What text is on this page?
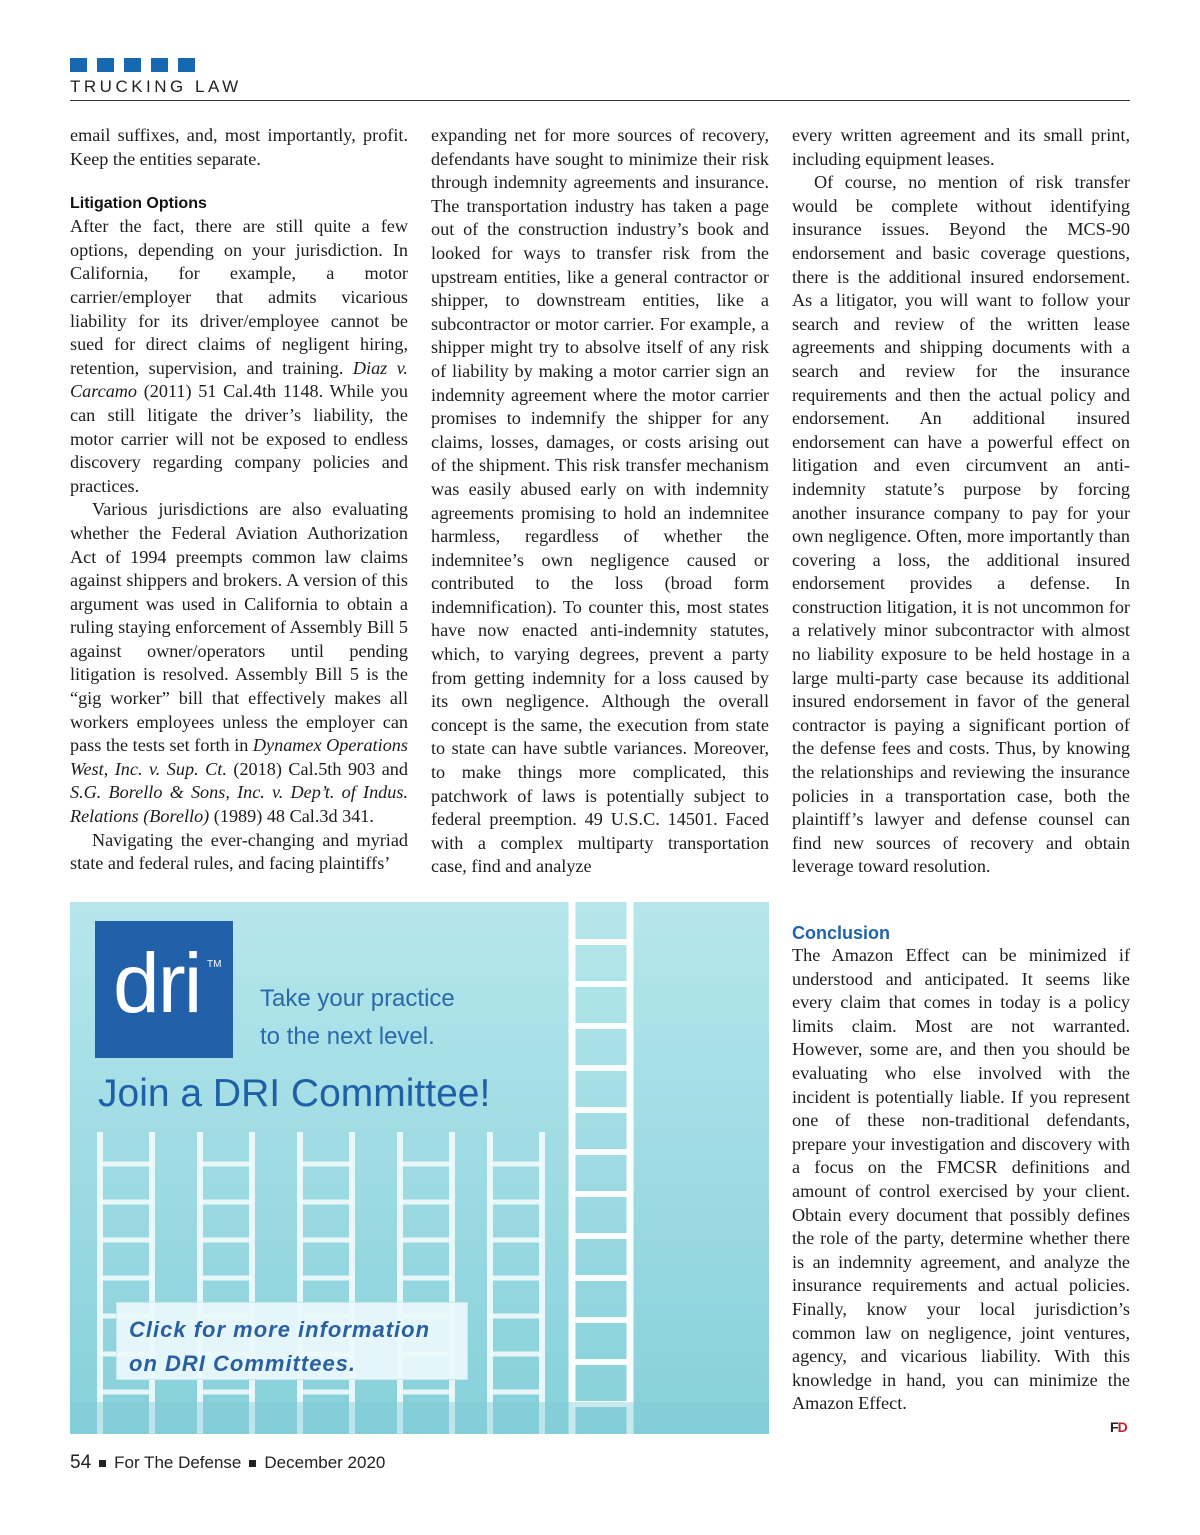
TRUCKING LAW

email suffixes, and, most importantly, profit. Keep the entities separate.

Litigation Options

After the fact, there are still quite a few options, depending on your jurisdiction. In California, for example, a motor carrier/employer that admits vicarious liability for its driver/employee cannot be sued for direct claims of negligent hiring, retention, supervision, and training. Diaz v. Carcamo (2011) 51 Cal.4th 1148. While you can still litigate the driver’s liability, the motor carrier will not be exposed to endless discovery regarding company policies and practices.

Various jurisdictions are also evaluating whether the Federal Aviation Authorization Act of 1994 preempts common law claims against shippers and brokers. A version of this argument was used in California to obtain a ruling staying enforcement of Assembly Bill 5 against owner/operators until pending litigation is resolved. Assembly Bill 5 is the “gig worker” bill that effectively makes all workers employees unless the employer can pass the tests set forth in Dynamex Operations West, Inc. v. Sup. Ct. (2018) Cal.5th 903 and S.G. Borello & Sons, Inc. v. Dep’t. of Indus. Relations (Borello) (1989) 48 Cal.3d 341.

Navigating the ever-changing and myriad state and federal rules, and facing plaintiffs’

expanding net for more sources of recovery, defendants have sought to minimize their risk through indemnity agreements and insurance. The transportation industry has taken a page out of the construction industry’s book and looked for ways to transfer risk from the upstream entities, like a general contractor or shipper, to downstream entities, like a subcontractor or motor carrier. For example, a shipper might try to absolve itself of any risk of liability by making a motor carrier sign an indemnity agreement where the motor carrier promises to indemnify the shipper for any claims, losses, damages, or costs arising out of the shipment. This risk transfer mechanism was easily abused early on with indemnity agreements promising to hold an indemnitee harmless, regardless of whether the indemnitee’s own negligence caused or contributed to the loss (broad form indemnification). To counter this, most states have now enacted anti-indemnity statutes, which, to varying degrees, prevent a party from getting indemnity for a loss caused by its own negligence. Although the overall concept is the same, the execution from state to state can have subtle variances. Moreover, to make things more complicated, this patchwork of laws is potentially subject to federal preemption. 49 U.S.C. 14501. Faced with a complex multiparty transportation case, find and analyze

every written agreement and its small print, including equipment leases.

Of course, no mention of risk transfer would be complete without identifying insurance issues. Beyond the MCS-90 endorsement and basic coverage questions, there is the additional insured endorsement. As a litigator, you will want to follow your search and review of the written lease agreements and shipping documents with a search and review for the insurance requirements and then the actual policy and endorsement. An additional insured endorsement can have a powerful effect on litigation and even circumvent an anti-indemnity statute’s purpose by forcing another insurance company to pay for your own negligence. Often, more importantly than covering a loss, the additional insured endorsement provides a defense. In construction litigation, it is not uncommon for a relatively minor subcontractor with almost no liability exposure to be held hostage in a large multi-party case because its additional insured endorsement in favor of the general contractor is paying a significant portion of the defense fees and costs. Thus, by knowing the relationships and reviewing the insurance policies in a transportation case, both the plaintiff’s lawyer and defense counsel can find new sources of recovery and obtain leverage toward resolution.

Conclusion

The Amazon Effect can be minimized if understood and anticipated. It seems like every claim that comes in today is a policy limits claim. Most are not warranted. However, some are, and then you should be evaluating who else involved with the incident is potentially liable. If you represent one of these non-traditional defendants, prepare your investigation and discovery with a focus on the FMCSR definitions and amount of control exercised by your client. Obtain every document that possibly defines the role of the party, determine whether there is an indemnity agreement, and analyze the insurance requirements and actual policies. Finally, know your local jurisdiction’s common law on negligence, joint ventures, agency, and vicarious liability. With this knowledge in hand, you can minimize the Amazon Effect.

FD
dri TM
Take your practice
to the next level.
Join a DRI Committee!
Click for more information
on DRI Committees.
54 For The Defense December 2020
